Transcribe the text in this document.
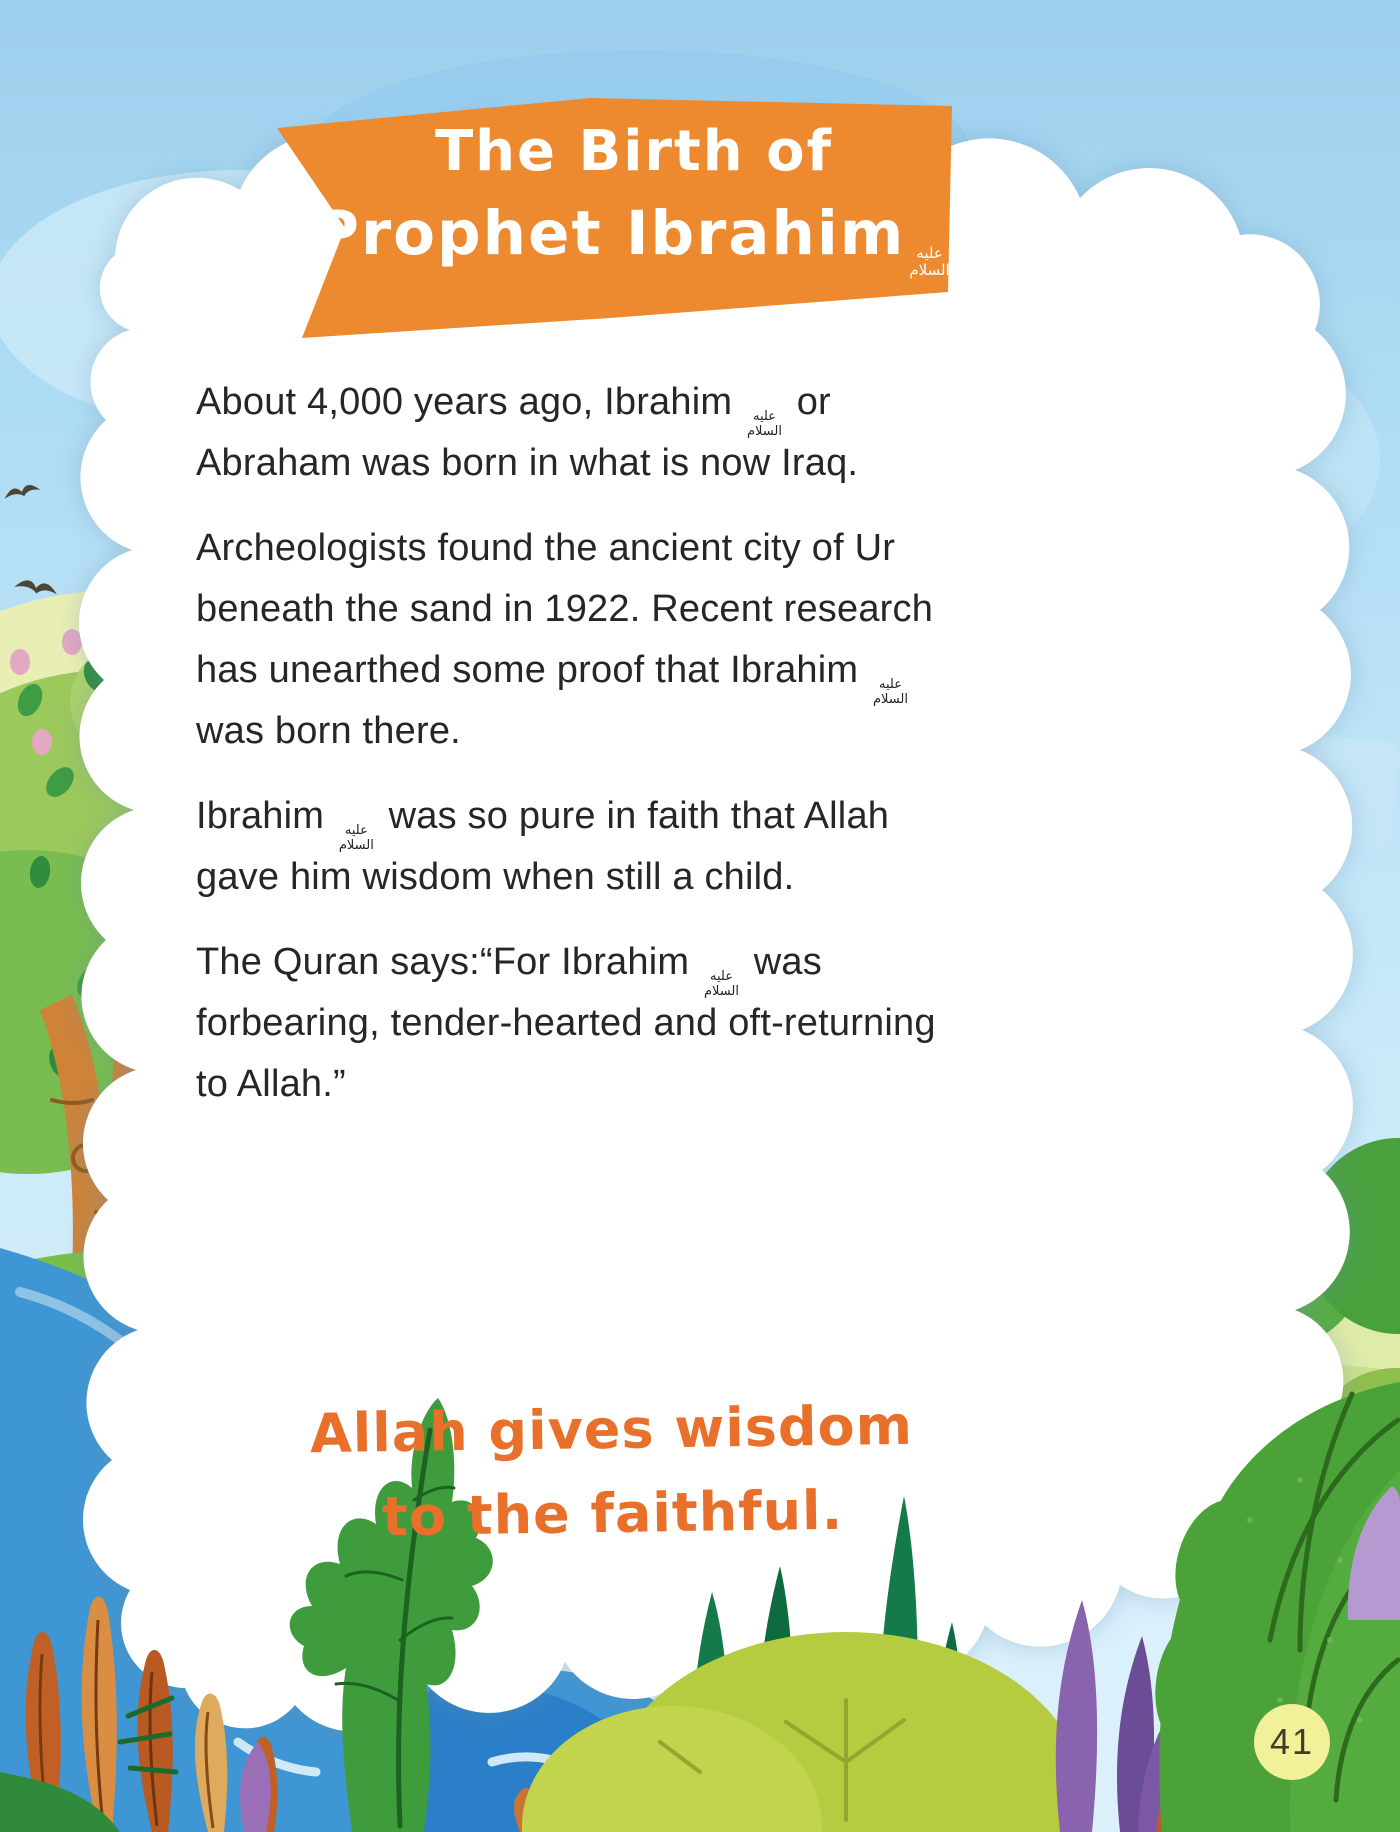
The Birth of
Prophet Ibrahim عليه
السلام
About 4,000 years ago, Ibrahim عليه
السلام
or
Abraham was born in what is now Iraq.
Archeologists found the ancient city of Ur
beneath the sand in 1922. Recent research
has unearthed some proof that Ibrahim عليه
السلام
was born there.
Ibrahim عليه
السلام
was so pure in faith that Allah
gave him wisdom when still a child.
The Quran says:“For Ibrahim عليه
السلام
was
forbearing, tender-hearted and oft-returning
to Allah.”
Allah gives wisdom
to the faithful.
41
